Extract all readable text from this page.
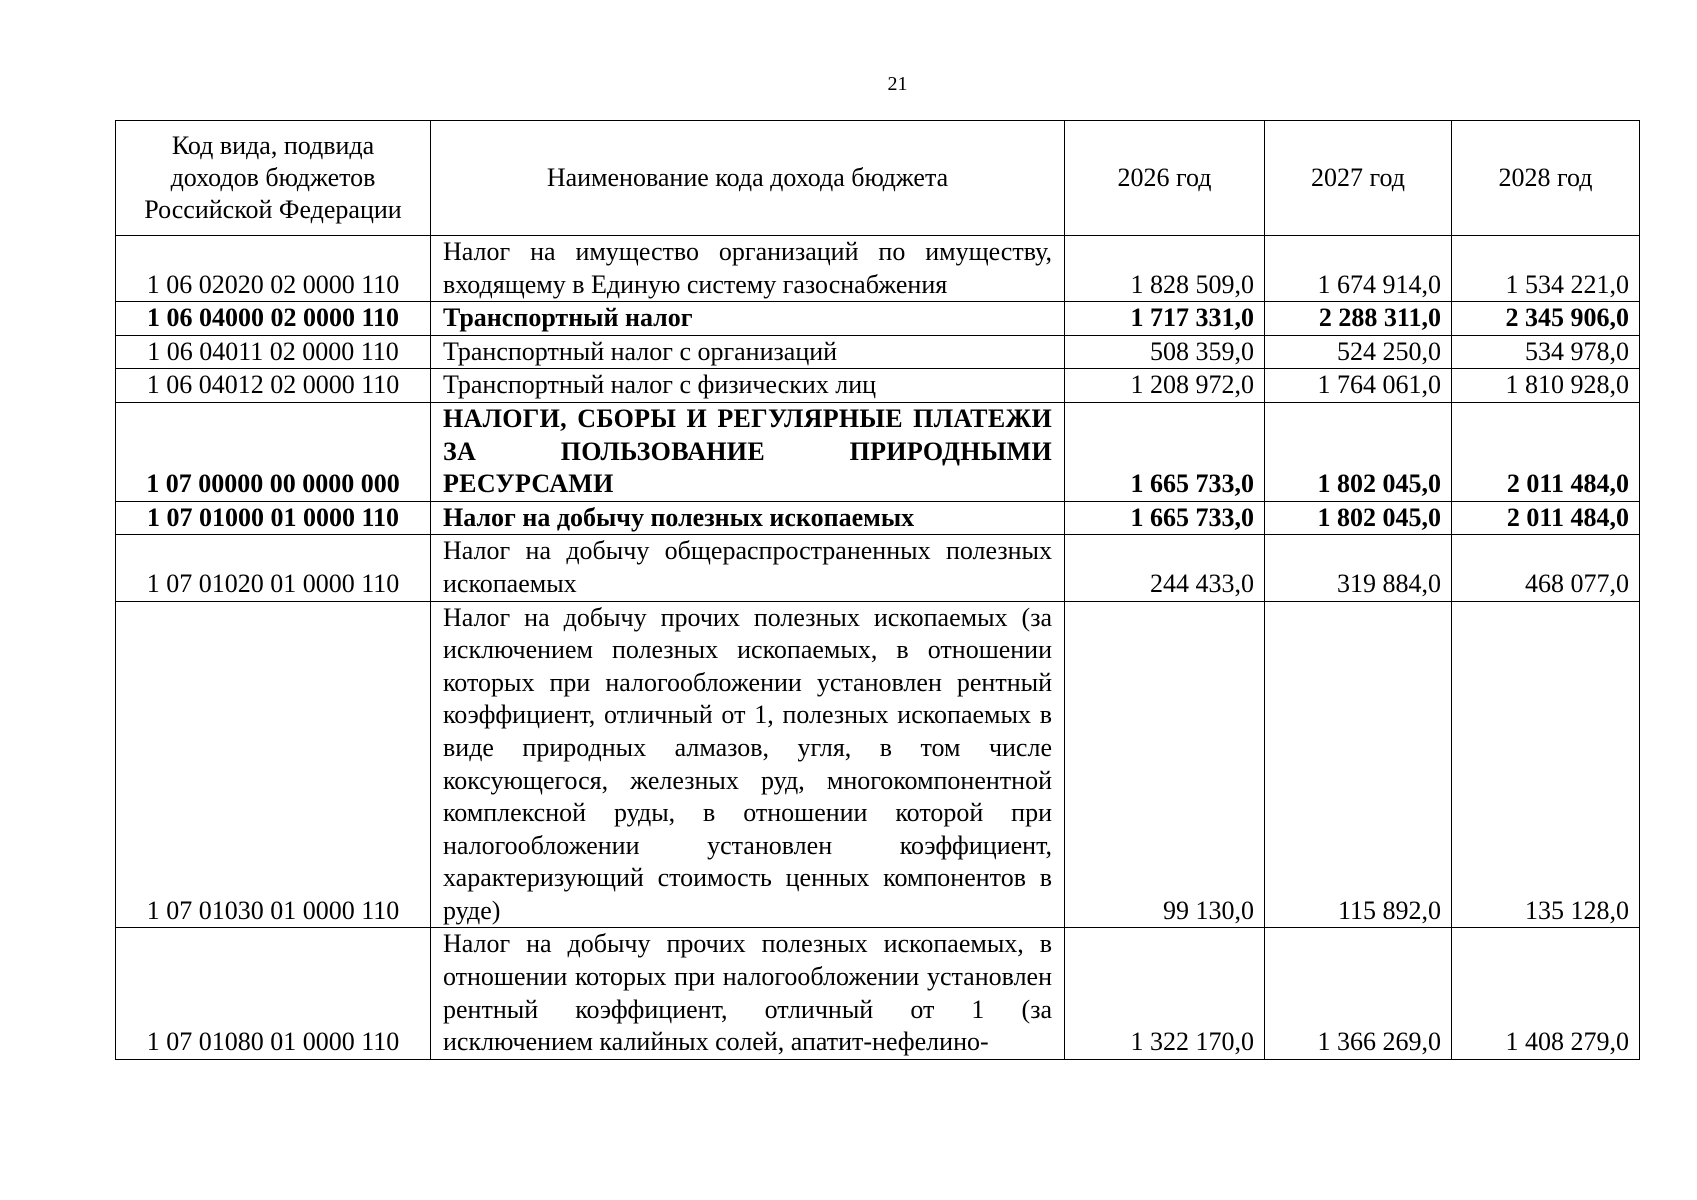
21
Код вида, подвида доходов бюджетов Российской Федерации	Наименование кода дохода бюджета	2026 год	2027 год	2028 год
1 06 02020 02 0000 110	Налог на имущество организаций по имуществу, входящему в Единую систему газоснабжения	1 828 509,0	1 674 914,0	1 534 221,0
1 06 04000 02 0000 110	Транспортный налог	1 717 331,0	2 288 311,0	2 345 906,0
1 06 04011 02 0000 110	Транспортный налог с организаций	508 359,0	524 250,0	534 978,0
1 06 04012 02 0000 110	Транспортный налог с физических лиц	1 208 972,0	1 764 061,0	1 810 928,0
1 07 00000 00 0000 000	НАЛОГИ, СБОРЫ И РЕГУЛЯРНЫЕ ПЛАТЕЖИ ЗА ПОЛЬЗОВАНИЕ ПРИРОДНЫМИ РЕСУРСАМИ	1 665 733,0	1 802 045,0	2 011 484,0
1 07 01000 01 0000 110	Налог на добычу полезных ископаемых	1 665 733,0	1 802 045,0	2 011 484,0
1 07 01020 01 0000 110	Налог на добычу общераспространенных полезных ископаемых	244 433,0	319 884,0	468 077,0
1 07 01030 01 0000 110	Налог на добычу прочих полезных ископаемых (за исключением полезных ископаемых, в отношении которых при налогообложении установлен рентный коэффициент, отличный от 1, полезных ископаемых в виде природных алмазов, угля, в том числе коксующегося, железных руд, многокомпонентной комплексной руды, в отношении которой при налогообложении установлен коэффициент, характеризующий стоимость ценных компонентов в руде)	99 130,0	115 892,0	135 128,0
1 07 01080 01 0000 110	Налог на добычу прочих полезных ископаемых, в отношении которых при налогообложении установлен рентный коэффициент, отличный от 1 (за исключением калийных солей, апатит-нефелино-	1 322 170,0	1 366 269,0	1 408 279,0
